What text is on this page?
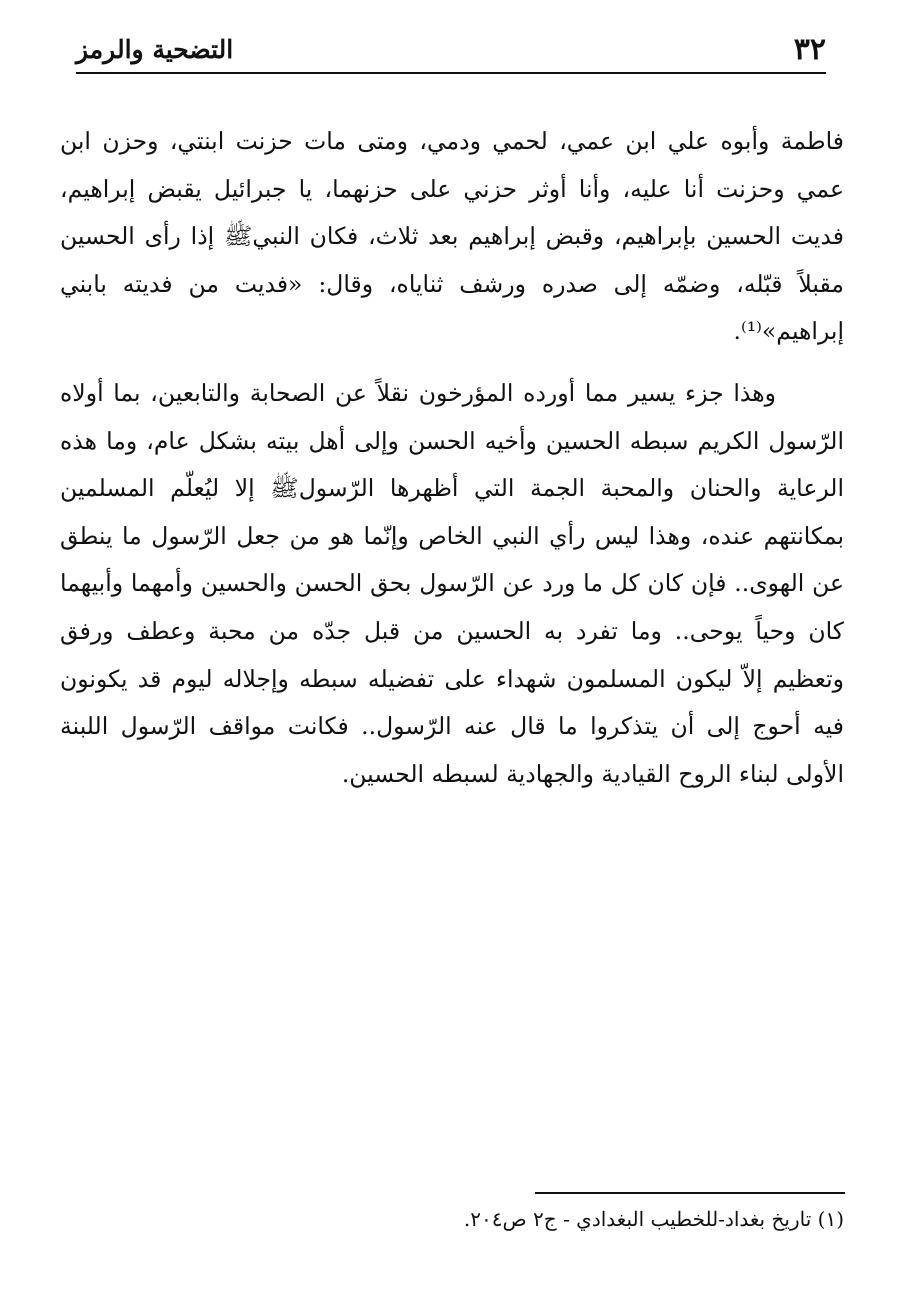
٣٢
التضحية والرمز

فاطمة وأبوه علي ابن عمي، لحمي ودمي، ومتى مات حزنت ابنتي، وحزن ابن عمي وحزنت أنا عليه، وأنا أوثر حزني على حزنهما، يا جبرائيل يقبض إبراهيم، فديت الحسين بإبراهيم، وقبض إبراهيم بعد ثلاث، فكان النبيﷺ إذا رأى الحسين مقبلاً قبّله، وضمّه إلى صدره ورشف ثناياه، وقال: «فديت من فديته بابني إبراهيم»⁽¹⁾.

وهذا جزء يسير مما أورده المؤرخون نقلاً عن الصحابة والتابعين، بما أولاه الرّسول الكريم سبطه الحسين وأخيه الحسن وإلى أهل بيته بشكل عام، وما هذه الرعاية والحنان والمحبة الجمة التي أظهرها الرّسولﷺ إلا ليُعلّم المسلمين بمكانتهم عنده، وهذا ليس رأي النبي الخاص وإنّما هو من جعل الرّسول ما ينطق عن الهوى.. فإن كان كل ما ورد عن الرّسول بحق الحسن والحسين وأمهما وأبيهما كان وحياً يوحى.. وما تفرد به الحسين من قبل جدّه من محبة وعطف ورفق وتعظيم إلاّ ليكون المسلمون شهداء على تفضيله سبطه وإجلاله ليوم قد يكونون فيه أحوج إلى أن يتذكروا ما قال عنه الرّسول.. فكانت مواقف الرّسول اللبنة الأولى لبناء الروح القيادية والجهادية لسبطه الحسين.

(١) تاريخ بغداد-للخطيب البغدادي - ج٢ ص٢٠٤.
